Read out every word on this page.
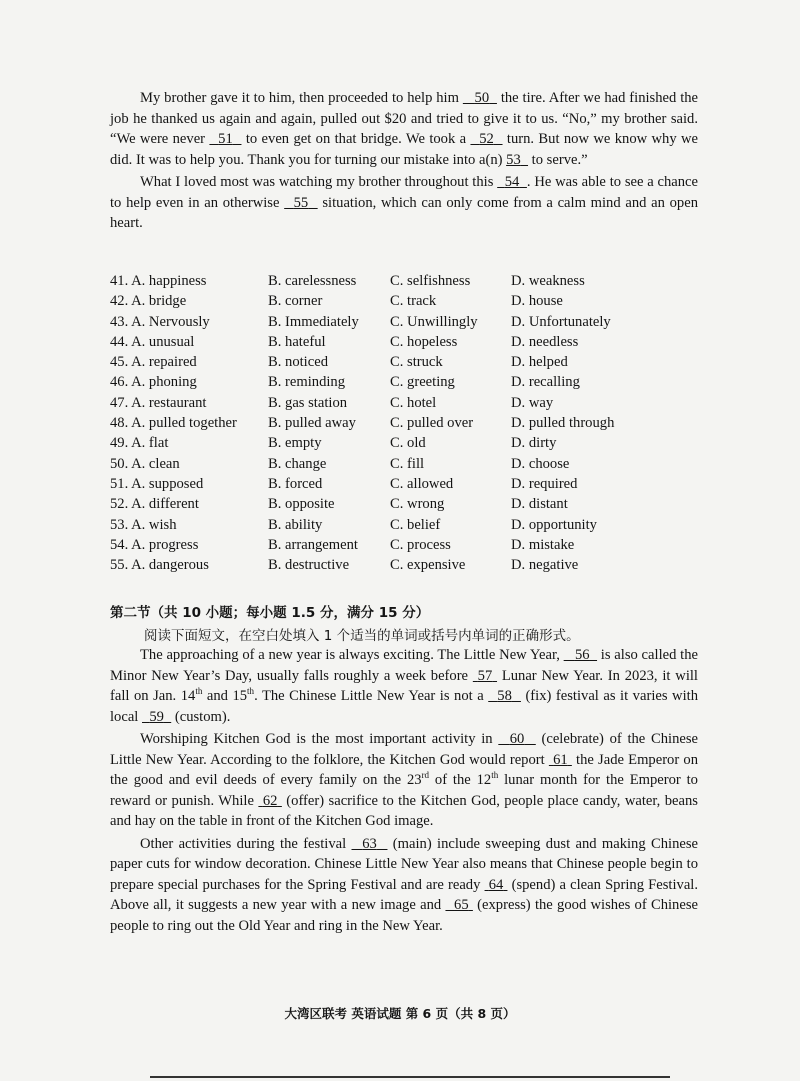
My brother gave it to him, then proceeded to help him    50   the tire. After we had finished the job he thanked us again and again, pulled out $20 and tried to give it to us. “No,” my brother said. “We were never   51   to even get on that bridge. We took a   52   turn. But now we know why we did. It was to help you. Thank you for turning our mistake into a(n) 53   to serve.”

What I loved most was watching my brother throughout this   54 . He was able to see a chance to help even in an otherwise   55   situation, which can only come from a calm mind and an open heart.

41. A. happiness	B. carelessness C. selfishness	D. weakness
42. A. bridge	B. corner	C. track	D. house
43. A. Nervously	B. Immediately C. Unwillingly D. Unfortunately
44. A. unusual	B. hateful	C. hopeless	D. needless
45. A. repaired	B. noticed	C. struck	D. helped
46. A. phoning	B. reminding	C. greeting	D. recalling
47. A. restaurant	B. gas station	C. hotel	D. way
48. A. pulled together B. pulled away C. pulled over	D. pulled through
49. A. flat	B. empty	C. old	D. dirty
50. A. clean	B. change	C. fill	D. choose
51. A. supposed	B. forced	C. allowed	D. required
52. A. different	B. opposite	C. wrong	D. distant
53. A. wish	B. ability	C. belief	D. opportunity
54. A. progress	B. arrangement C. process	D. mistake
55. A. dangerous	B. destructive	C. expensive	D. negative
第二节（共 10 小题；每小题 1.5 分，满分 15 分）
阅读下面短文，在空白处填入 1 个适当的单词或括号内单词的正确形式。

The approaching of a new year is always exciting. The Little New Year,    56   is also called the Minor New Year’s Day, usually falls roughly a week before  57  Lunar New Year. In 2023, it will fall on Jan. 14th and 15th. The Chinese Little New Year is not a   58   (fix) festival as it varies with local   59   (custom).

Worshiping Kitchen God is the most important activity in   60   (celebrate) of the Chinese Little New Year. According to the folklore, the Kitchen God would report  61  the Jade Emperor on the good and evil deeds of every family on the 23rd of the 12th lunar month for the Emperor to reward or punish. While  62  (offer) sacrifice to the Kitchen God, people place candy, water, beans and hay on the table in front of the Kitchen God image.

Other activities during the festival   63   (main) include sweeping dust and making Chinese paper cuts for window decoration. Chinese Little New Year also means that Chinese people begin to prepare special purchases for the Spring Festival and are ready  64  (spend) a clean Spring Festival. Above all, it suggests a new year with a new image and   65  (express) the good wishes of Chinese people to ring out the Old Year and ring in the New Year.

大湾区联考 英语试题 第 6 页（共 8 页）
